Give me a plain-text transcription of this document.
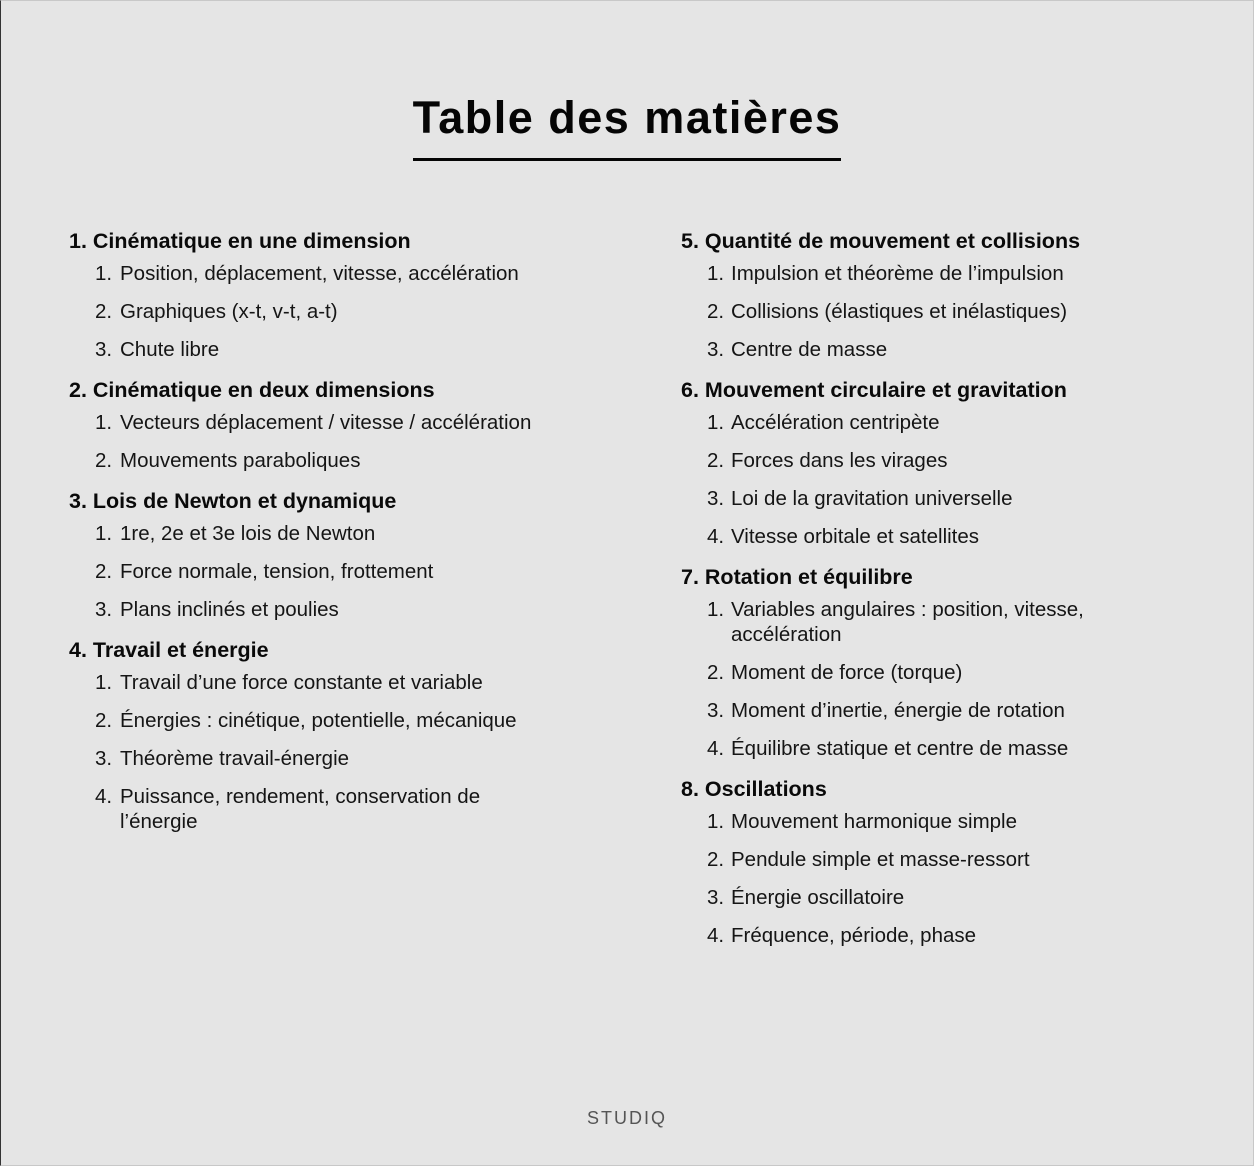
Table des matières
1. Cinématique en une dimension
1. Position, déplacement, vitesse, accélération
2. Graphiques (x-t, v-t, a-t)
3. Chute libre
2. Cinématique en deux dimensions
1. Vecteurs déplacement / vitesse / accélération
2. Mouvements paraboliques
3. Lois de Newton et dynamique
1. 1re, 2e et 3e lois de Newton
2. Force normale, tension, frottement
3. Plans inclinés et poulies
4. Travail et énergie
1. Travail d’une force constante et variable
2. Énergies : cinétique, potentielle, mécanique
3. Théorème travail-énergie
4. Puissance, rendement, conservation de l’énergie
5. Quantité de mouvement et collisions
1. Impulsion et théorème de l’impulsion
2. Collisions (élastiques et inélastiques)
3. Centre de masse
6. Mouvement circulaire et gravitation
1. Accélération centripète
2. Forces dans les virages
3. Loi de la gravitation universelle
4. Vitesse orbitale et satellites
7. Rotation et équilibre
1. Variables angulaires : position, vitesse, accélération
2. Moment de force (torque)
3. Moment d’inertie, énergie de rotation
4. Équilibre statique et centre de masse
8. Oscillations
1. Mouvement harmonique simple
2. Pendule simple et masse-ressort
3. Énergie oscillatoire
4. Fréquence, période, phase
STUDIQ
